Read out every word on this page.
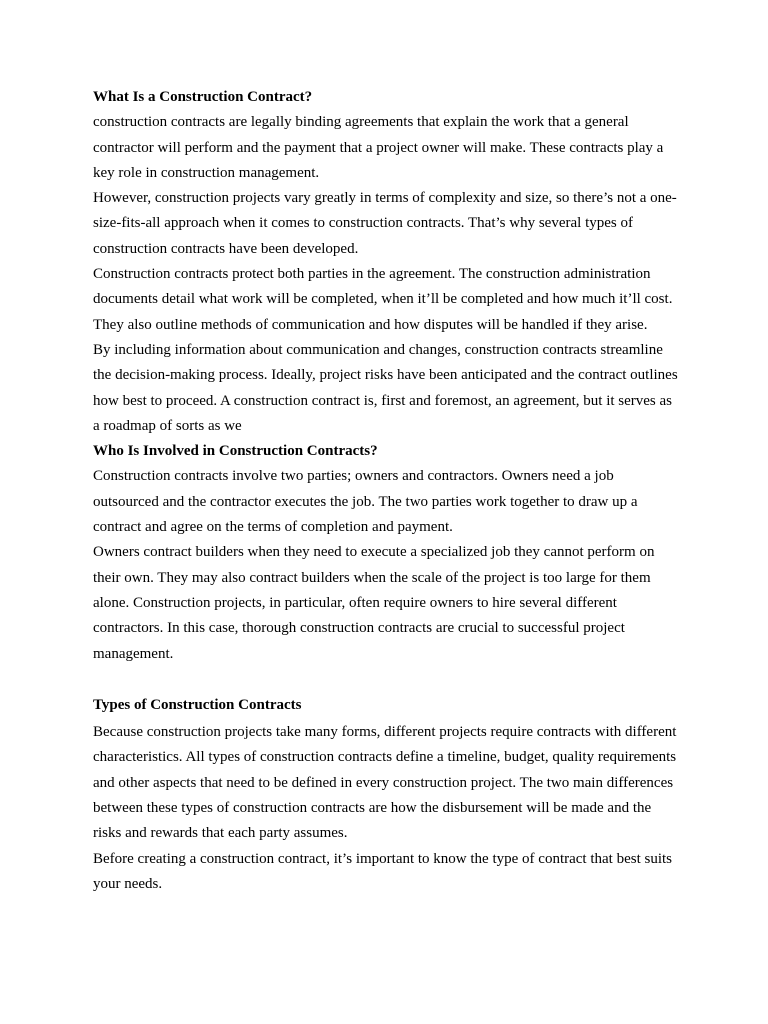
What Is a Construction Contract?

construction contracts are legally binding agreements that explain the work that a general contractor will perform and the payment that a project owner will make. These contracts play a key role in construction management.

However, construction projects vary greatly in terms of complexity and size, so there’s not a one-size-fits-all approach when it comes to construction contracts. That’s why several types of construction contracts have been developed.

Construction contracts protect both parties in the agreement. The construction administration documents detail what work will be completed, when it’ll be completed and how much it’ll cost. They also outline methods of communication and how disputes will be handled if they arise.

By including information about communication and changes, construction contracts streamline the decision-making process. Ideally, project risks have been anticipated and the contract outlines how best to proceed. A construction contract is, first and foremost, an agreement, but it serves as a roadmap of sorts as we

Who Is Involved in Construction Contracts?

Construction contracts involve two parties; owners and contractors. Owners need a job outsourced and the contractor executes the job. The two parties work together to draw up a contract and agree on the terms of completion and payment.

Owners contract builders when they need to execute a specialized job they cannot perform on their own. They may also contract builders when the scale of the project is too large for them alone. Construction projects, in particular, often require owners to hire several different contractors. In this case, thorough construction contracts are crucial to successful project management.

Types of Construction Contracts

Because construction projects take many forms, different projects require contracts with different characteristics. All types of construction contracts define a timeline, budget, quality requirements and other aspects that need to be defined in every construction project. The two main differences between these types of construction contracts are how the disbursement will be made and the risks and rewards that each party assumes.

Before creating a construction contract, it’s important to know the type of contract that best suits your needs.
